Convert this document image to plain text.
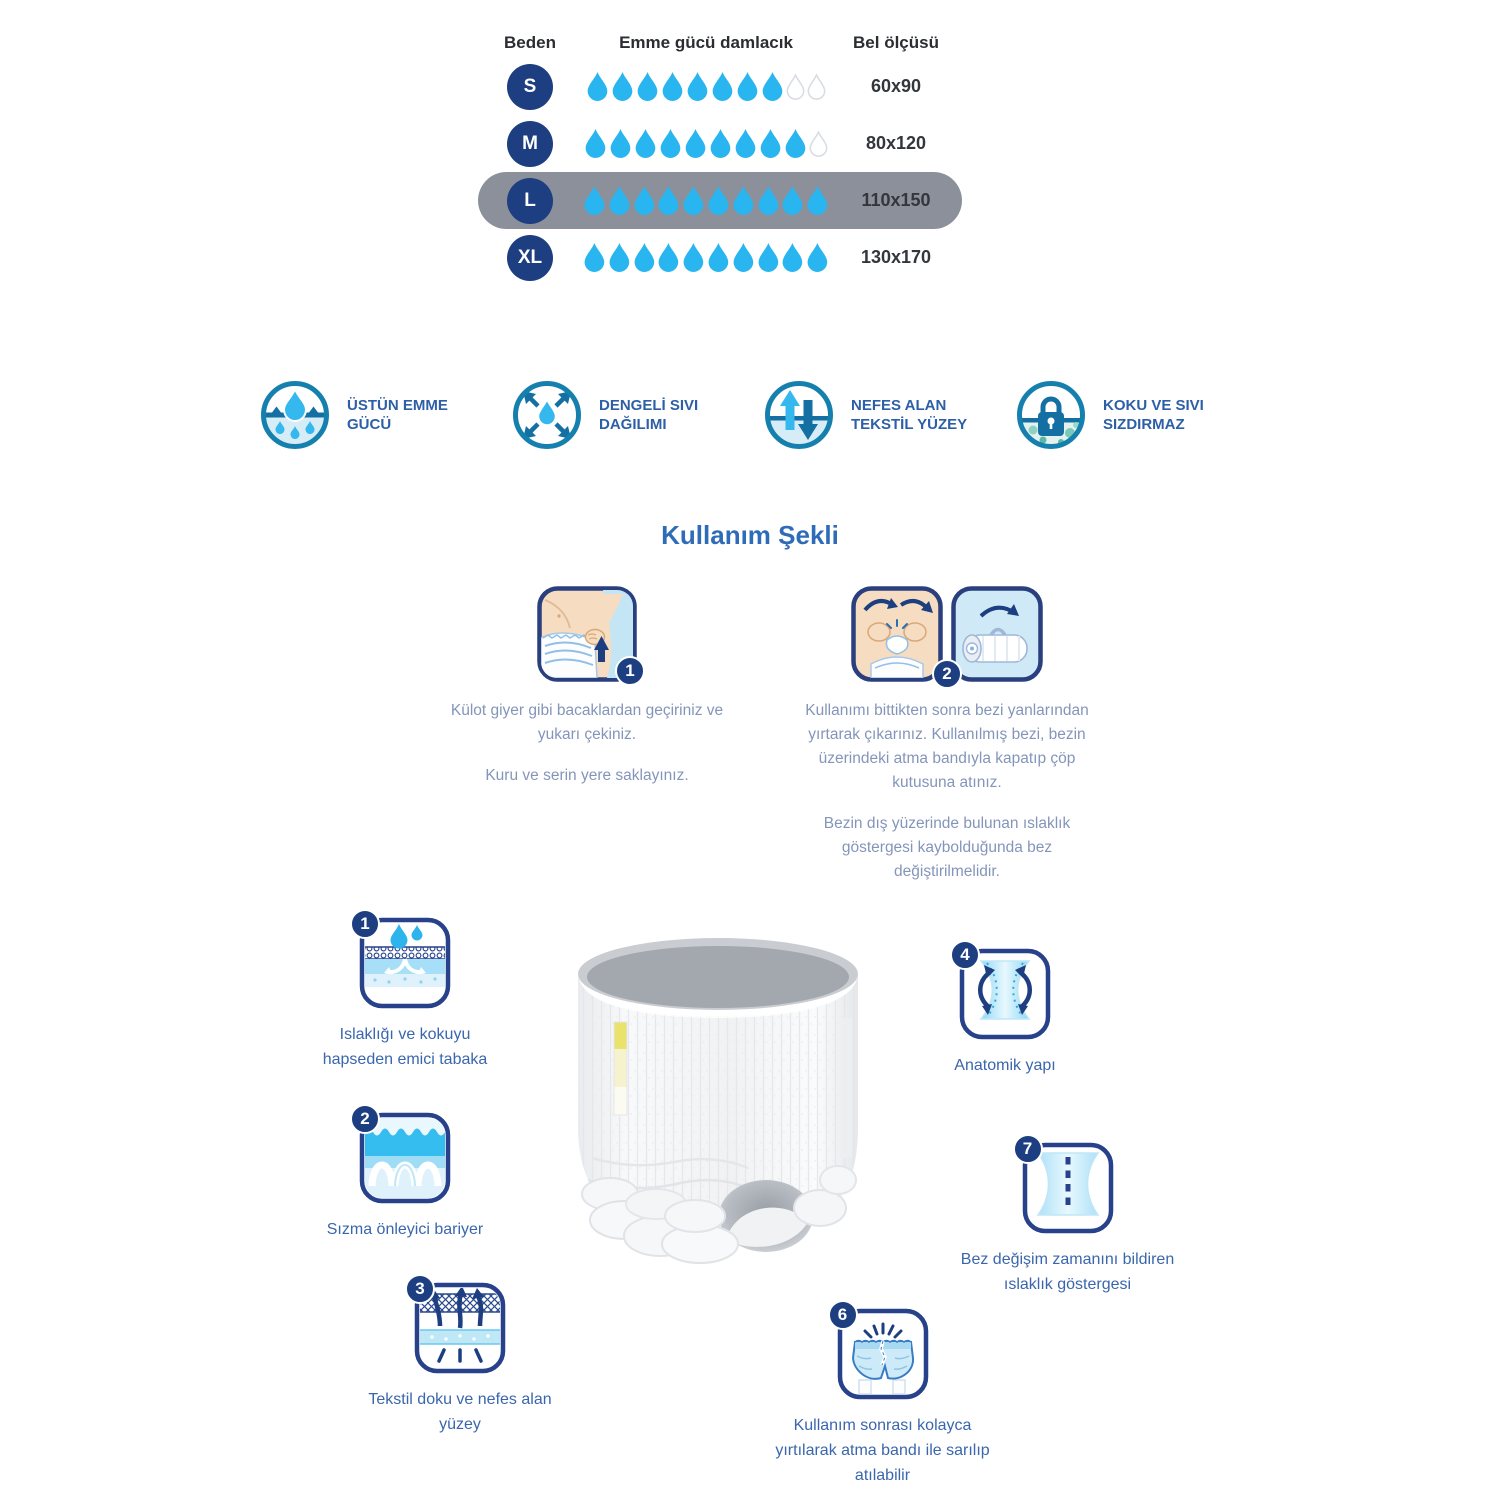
Beden	Emme gücü damlacık	Bel ölçüsü
S	60x90
M	80x120
L	110x150
XL	130x170
ÜSTÜN EMME GÜCÜ
DENGELİ SIVI DAĞILIMI
NEFES ALAN TEKSTİL YÜZEY
KOKU VE SIVI SIZDIRMAZ
Kullanım Şekli
1

Külot giyer gibi bacaklardan geçiriniz ve yukarı çekiniz.

Kuru ve serin yere saklayınız.

2

Kullanımı bittikten sonra bezi yanlarından yırtarak çıkarınız. Kullanılmış bezi, bezin üzerindeki atma bandıyla kapatıp çöp kutusuna atınız.

Bezin dış yüzerinde bulunan ıslaklık göstergesi kaybolduğunda bez değiştirilmelidir.

1
Islaklığı ve kokuyu hapseden emici tabaka
2
Sızma önleyici bariyer
3
Tekstil doku ve nefes alan yüzey
4
Anatomik yapı
7
Bez değişim zamanını bildiren ıslaklık göstergesi
6
Kullanım sonrası kolayca yırtılarak atma bandı ile sarılıp atılabilir
